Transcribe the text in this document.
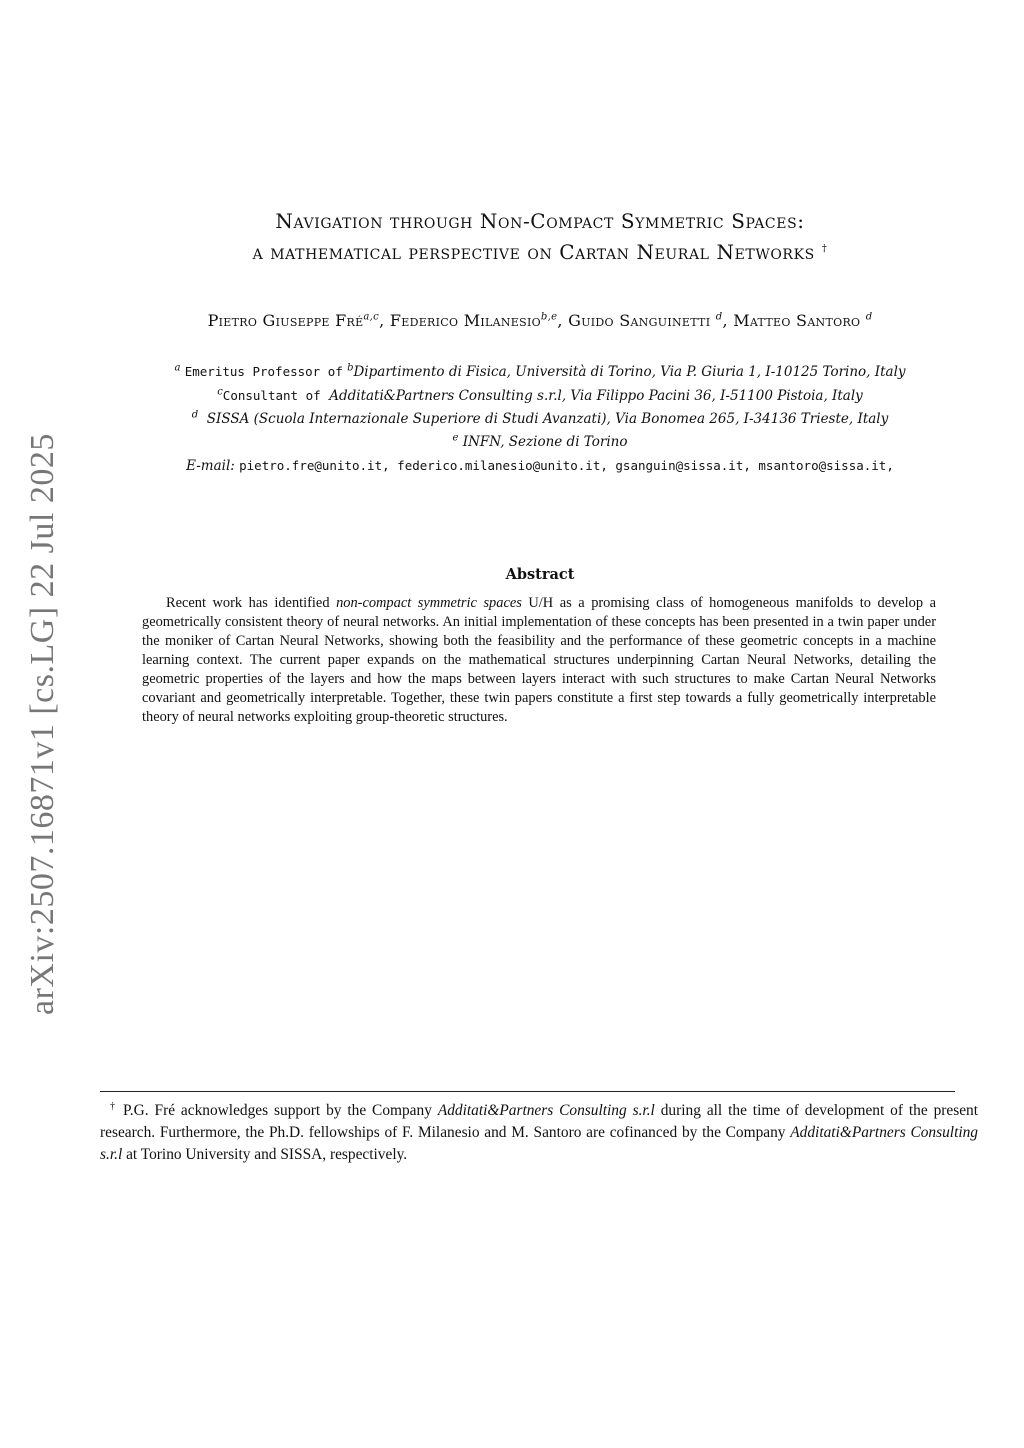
arXiv:2507.16871v1 [cs.LG] 22 Jul 2025
Navigation through Non-Compact Symmetric Spaces:
a mathematical perspective on Cartan Neural Networks †
Pietro Giuseppe Fré$^{a,c}$, Federico Milanesio$^{b,e}$, Guido Sanguinetti $^d$, Matteo Santoro $^d$
$^a$ Emeritus Professor of $^b$Dipartimento di Fisica, Università di Torino, Via P. Giuria 1, I-10125 Torino, Italy
$^c$Consultant of Additati&Partners Consulting s.r.l, Via Filippo Pacini 36, I-51100 Pistoia, Italy
$^d$ SISSA (Scuola Internazionale Superiore di Studi Avanzati), Via Bonomea 265, I-34136 Trieste, Italy
$^e$ INFN, Sezione di Torino
E-mail: pietro.fre@unito.it, federico.milanesio@unito.it, gsanguin@sissa.it, msantoro@sissa.it,
Abstract
Recent work has identified non-compact symmetric spaces U/H as a promising class of homogeneous manifolds to develop a geometrically consistent theory of neural networks. An initial implementation of these concepts has been presented in a twin paper under the moniker of Cartan Neural Networks, showing both the feasibility and the performance of these geometric concepts in a machine learning context. The current paper expands on the mathematical structures underpinning Cartan Neural Networks, detailing the geometric properties of the layers and how the maps between layers interact with such structures to make Cartan Neural Networks covariant and geometrically interpretable. Together, these twin papers constitute a first step towards a fully geometrically interpretable theory of neural networks exploiting group-theoretic structures.
† P.G. Fré acknowledges support by the Company Additati&Partners Consulting s.r.l during all the time of development of the present research. Furthermore, the Ph.D. fellowships of F. Milanesio and M. Santoro are cofinanced by the Company Additati&Partners Consulting s.r.l at Torino University and SISSA, respectively.
